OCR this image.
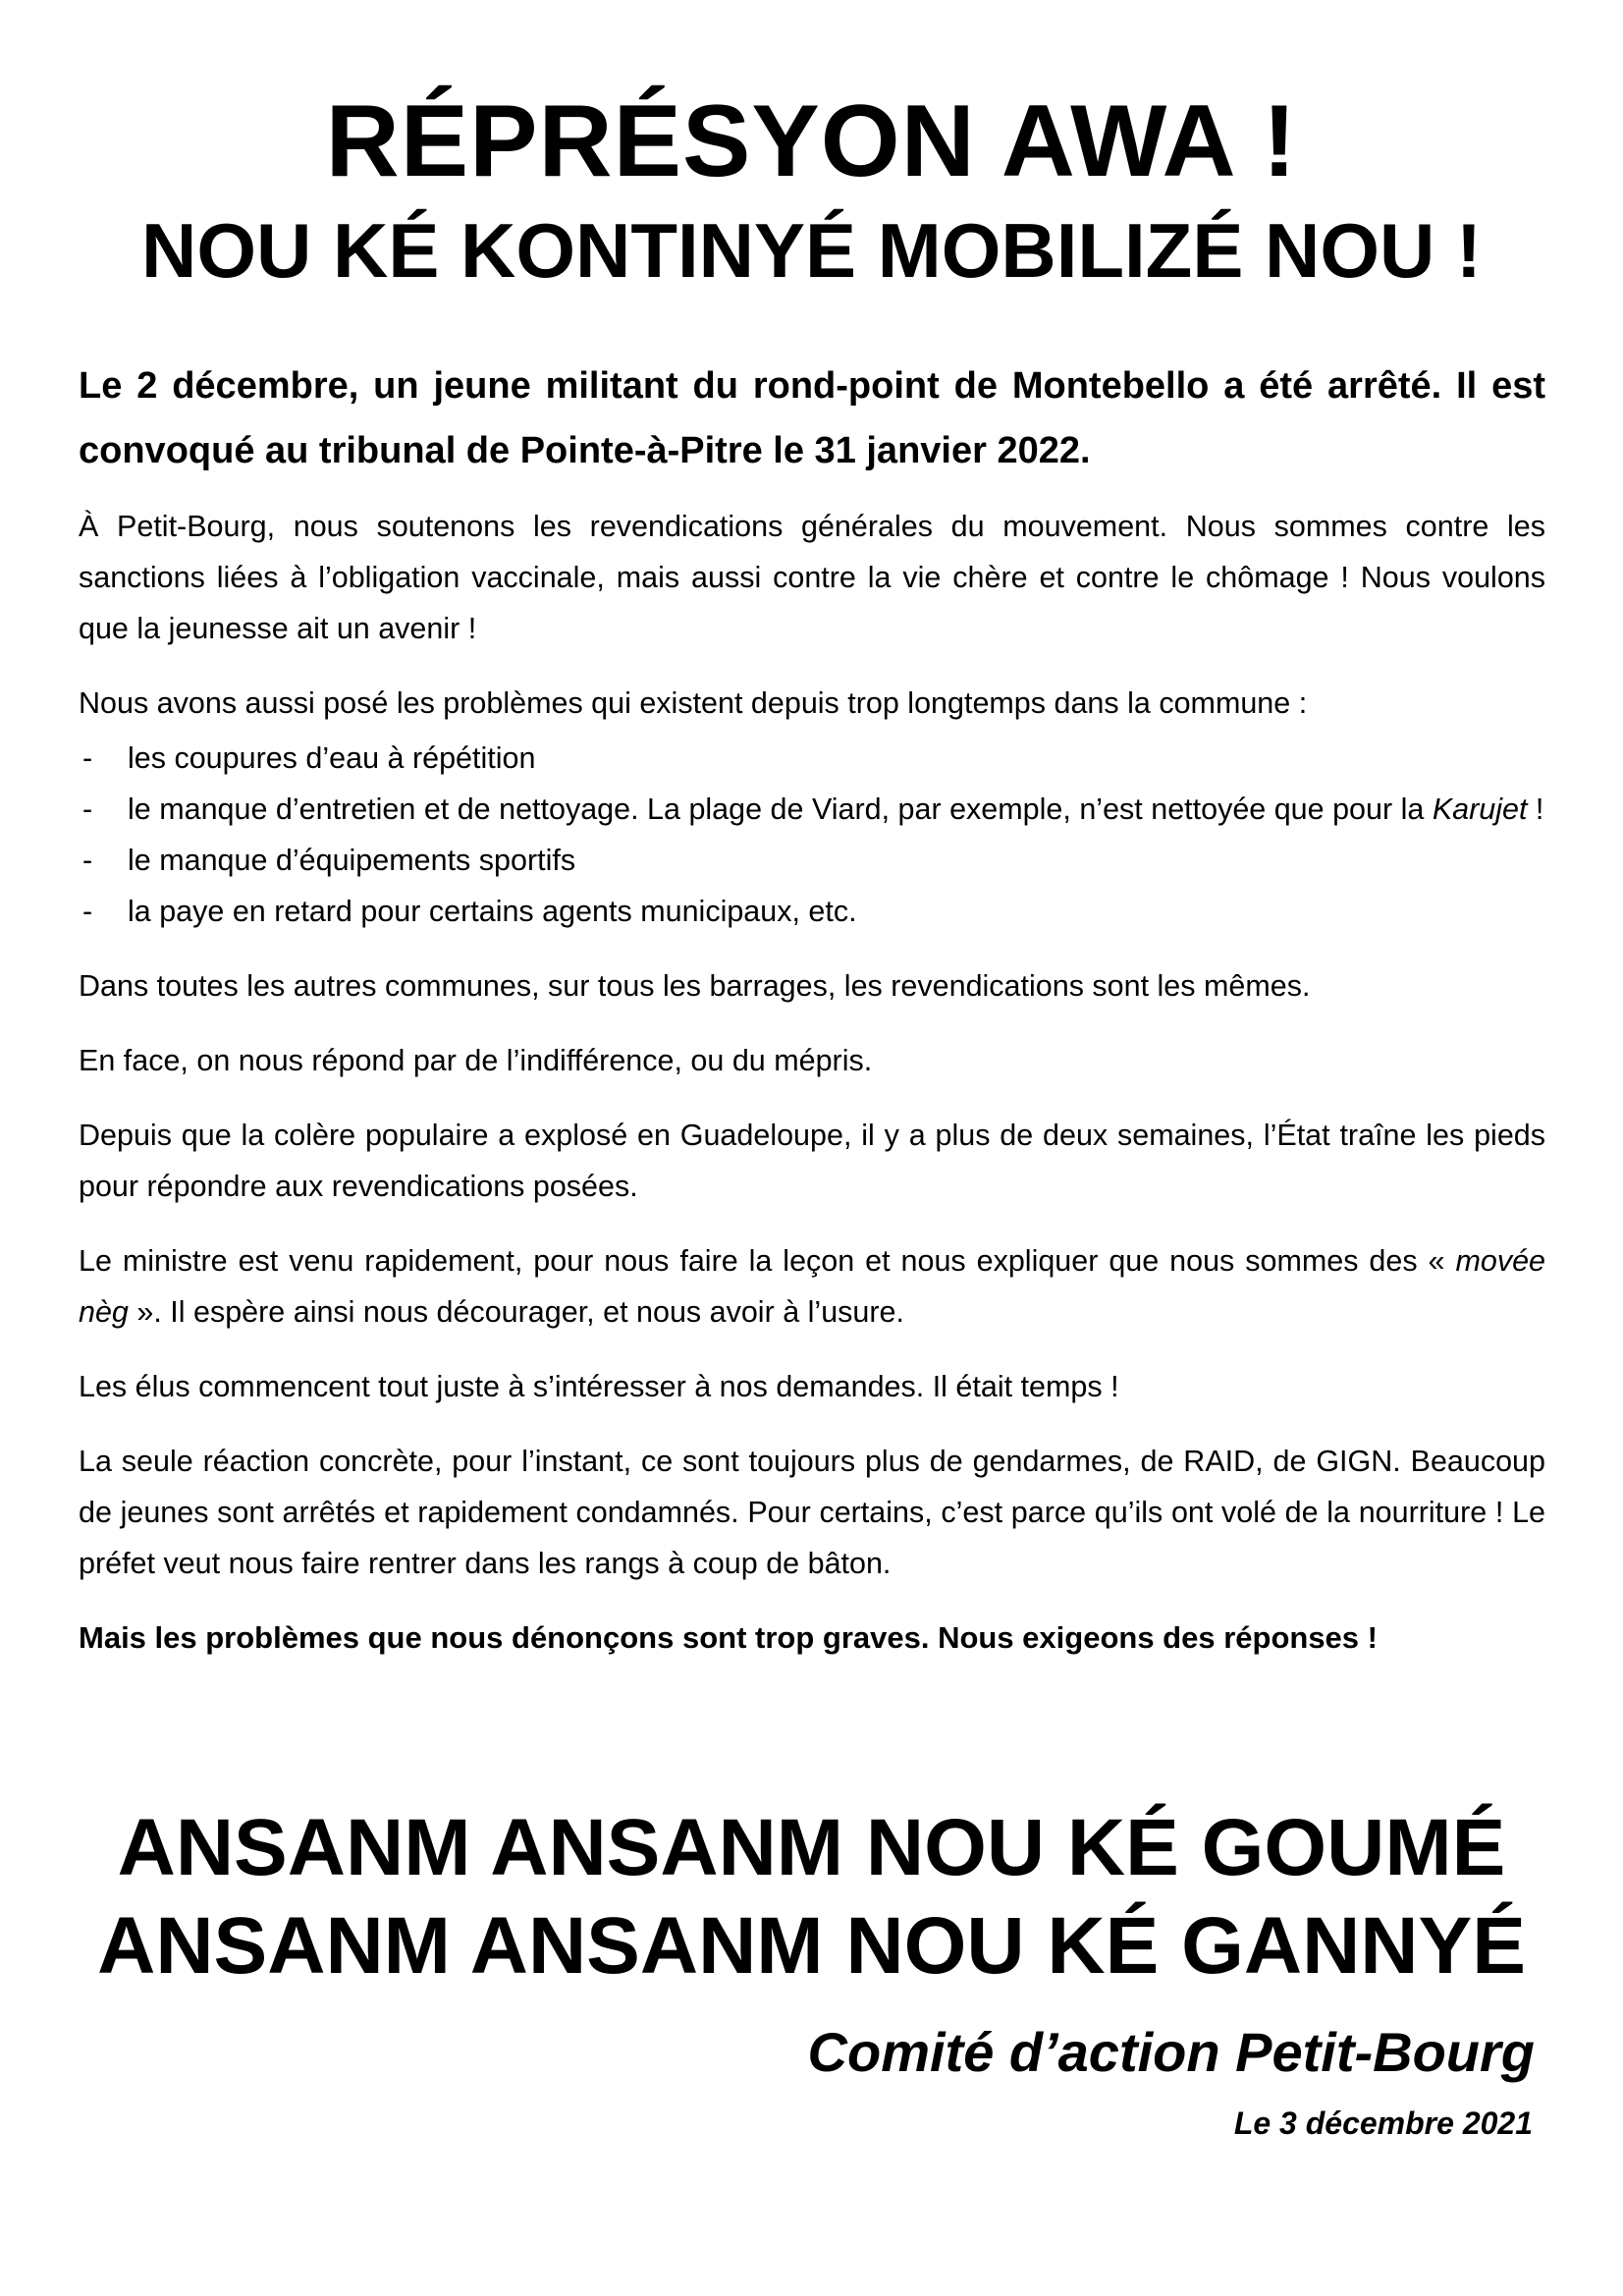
RÉPRÉSYON AWA !
NOU KÉ KONTINYÉ MOBILIZÉ NOU !

Le 2 décembre, un jeune militant du rond-point de Montebello a été arrêté. Il est convoqué au tribunal de Pointe-à-Pitre le 31 janvier 2022.

À Petit-Bourg, nous soutenons les revendications générales du mouvement. Nous sommes contre les sanctions liées à l’obligation vaccinale, mais aussi contre la vie chère et contre le chômage ! Nous voulons que la jeunesse ait un avenir !

Nous avons aussi posé les problèmes qui existent depuis trop longtemps dans la commune :

- les coupures d’eau à répétition
- le manque d’entretien et de nettoyage. La plage de Viard, par exemple, n’est nettoyée que pour la Karujet !
- le manque d’équipements sportifs
- la paye en retard pour certains agents municipaux, etc.

Dans toutes les autres communes, sur tous les barrages, les revendications sont les mêmes.

En face, on nous répond par de l’indifférence, ou du mépris.

Depuis que la colère populaire a explosé en Guadeloupe, il y a plus de deux semaines, l’État traîne les pieds pour répondre aux revendications posées.

Le ministre est venu rapidement, pour nous faire la leçon et nous expliquer que nous sommes des « movée nèg ». Il espère ainsi nous décourager, et nous avoir à l’usure.

Les élus commencent tout juste à s’intéresser à nos demandes. Il était temps !

La seule réaction concrète, pour l’instant, ce sont toujours plus de gendarmes, de RAID, de GIGN. Beaucoup de jeunes sont arrêtés et rapidement condamnés. Pour certains, c’est parce qu’ils ont volé de la nourriture ! Le préfet veut nous faire rentrer dans les rangs à coup de bâton.

Mais les problèmes que nous dénonçons sont trop graves. Nous exigeons des réponses !

ANSANM ANSANM NOU KÉ GOUMÉ
ANSANM ANSANM NOU KÉ GANNYÉ
Comité d’action Petit-Bourg
Le 3 décembre 2021
